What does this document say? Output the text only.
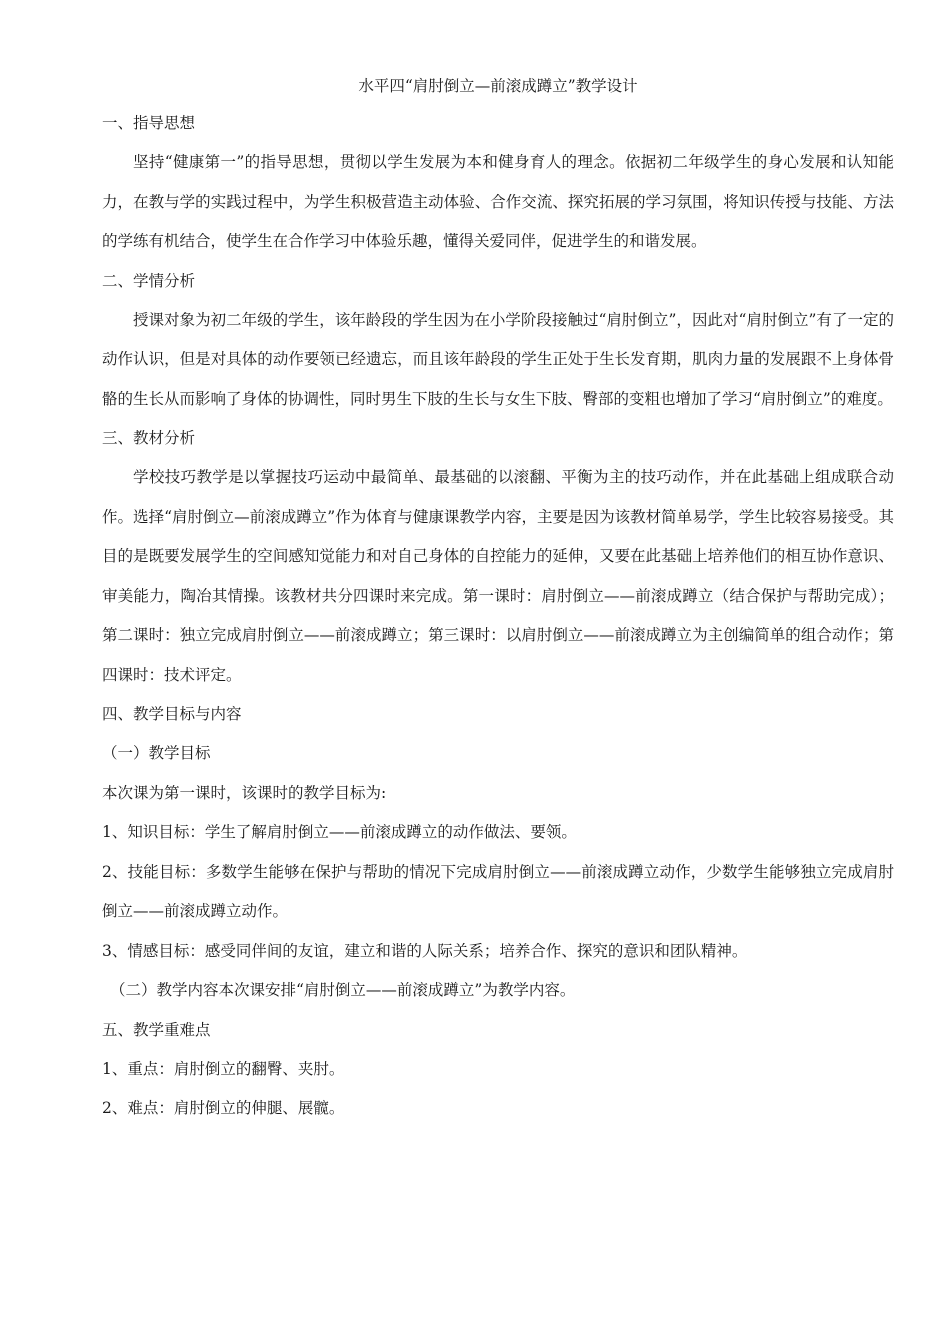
水平四“肩肘倒立—前滚成蹲立”教学设计

一、指导思想

坚持“健康第一”的指导思想，贯彻以学生发展为本和健身育人的理念。依据初二年级学生的身心发展和认知能力，在教与学的实践过程中，为学生积极营造主动体验、合作交流、探究拓展的学习氛围，将知识传授与技能、方法的学练有机结合，使学生在合作学习中体验乐趣，懂得关爱同伴，促进学生的和谐发展。

二、学情分析

授课对象为初二年级的学生，该年龄段的学生因为在小学阶段接触过“肩肘倒立”，因此对“肩肘倒立”有了一定的动作认识，但是对具体的动作要领已经遗忘，而且该年龄段的学生正处于生长发育期，肌肉力量的发展跟不上身体骨骼的生长从而影响了身体的协调性，同时男生下肢的生长与女生下肢、臀部的变粗也增加了学习“肩肘倒立”的难度。

三、教材分析

学校技巧教学是以掌握技巧运动中最简单、最基础的以滚翻、平衡为主的技巧动作，并在此基础上组成联合动作。选择“肩肘倒立—前滚成蹲立”作为体育与健康课教学内容，主要是因为该教材简单易学，学生比较容易接受。其目的是既要发展学生的空间感知觉能力和对自己身体的自控能力的延伸，又要在此基础上培养他们的相互协作意识、审美能力，陶冶其情操。该教材共分四课时来完成。第一课时：肩肘倒立——前滚成蹲立（结合保护与帮助完成）；第二课时：独立完成肩肘倒立——前滚成蹲立；第三课时：以肩肘倒立——前滚成蹲立为主创编简单的组合动作；第四课时：技术评定。

四、教学目标与内容

（一）教学目标

本次课为第一课时，该课时的教学目标为:

1、知识目标：学生了解肩肘倒立——前滚成蹲立的动作做法、要领。

2、技能目标：多数学生能够在保护与帮助的情况下完成肩肘倒立——前滚成蹲立动作，少数学生能够独立完成肩肘倒立——前滚成蹲立动作。

3、情感目标：感受同伴间的友谊，建立和谐的人际关系；培养合作、探究的意识和团队精神。

（二）教学内容本次课安排“肩肘倒立——前滚成蹲立”为教学内容。

五、教学重难点

1、重点：肩肘倒立的翻臀、夹肘。

2、难点：肩肘倒立的伸腿、展髋。
